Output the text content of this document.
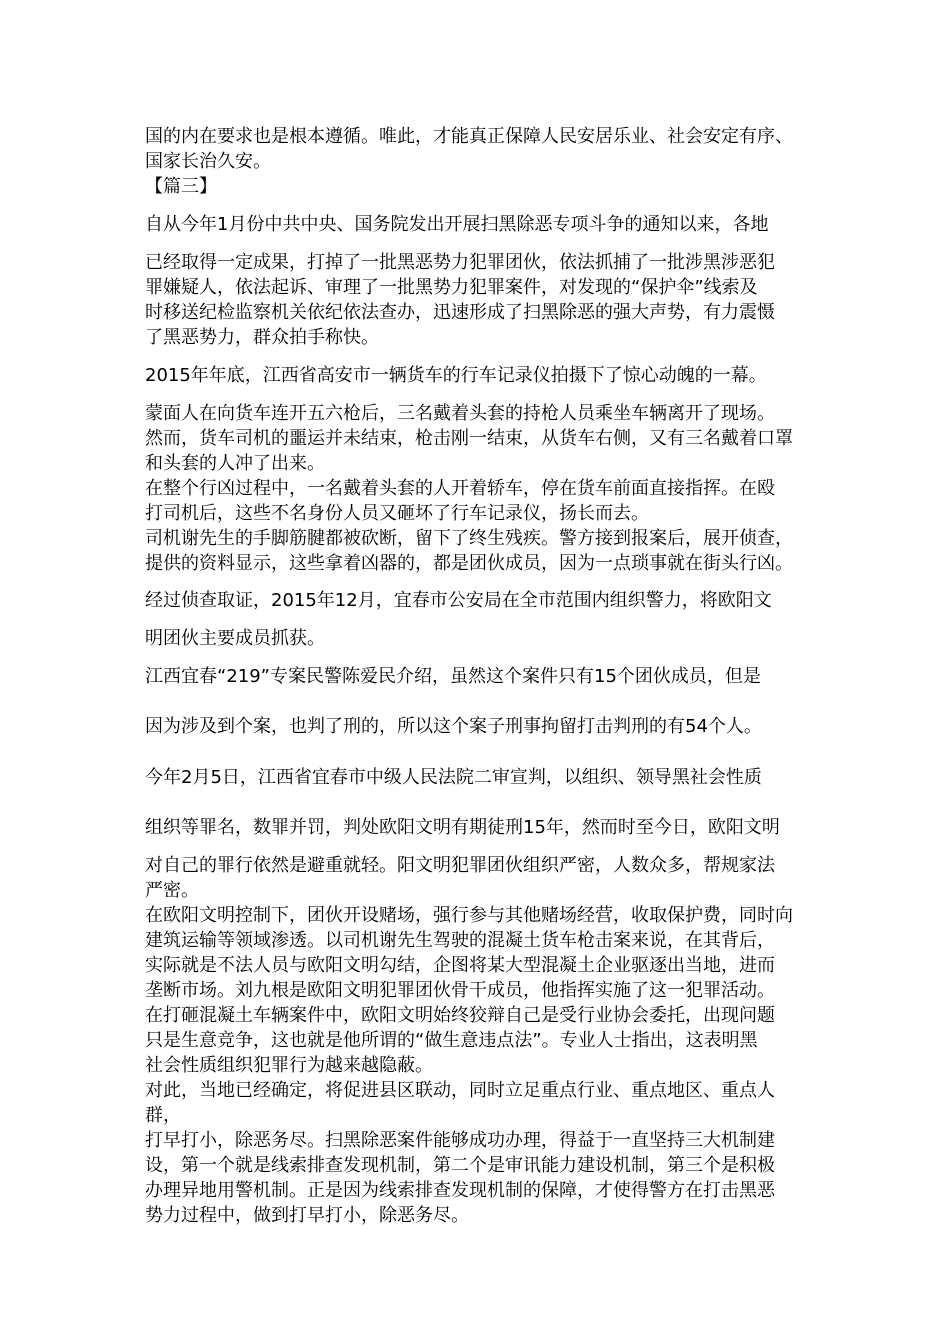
国的内在要求也是根本遵循。唯此，才能真正保障人民安居乐业、社会安定有序、
国家长治久安。

【篇三】

自从今年1月份中共中央、国务院发出开展扫黑除恶专项斗争的通知以来，各地

已经取得一定成果，打掉了一批黑恶势力犯罪团伙，依法抓捕了一批涉黑涉恶犯
罪嫌疑人，依法起诉、审理了一批黑势力犯罪案件，对发现的“保护伞”线索及
时移送纪检监察机关依纪依法查办，迅速形成了扫黑除恶的强大声势，有力震慑
了黑恶势力，群众拍手称快。

2015年年底，江西省高安市一辆货车的行车记录仪拍摄下了惊心动魄的一幕。

蒙面人在向货车连开五六枪后，三名戴着头套的持枪人员乘坐车辆离开了现场。
然而，货车司机的噩运并未结束，枪击刚一结束，从货车右侧，又有三名戴着口罩
和头套的人冲了出来。
在整个行凶过程中，一名戴着头套的人开着轿车，停在货车前面直接指挥。在殴
打司机后，这些不名身份人员又砸坏了行车记录仪，扬长而去。
司机谢先生的手脚筋腱都被砍断，留下了终生残疾。警方接到报案后，展开侦查，
提供的资料显示，这些拿着凶器的，都是团伙成员，因为一点琐事就在街头行凶。

经过侦查取证，2015年12月，宜春市公安局在全市范围内组织警力，将欧阳文

明团伙主要成员抓获。

江西宜春“219”专案民警陈爱民介绍，虽然这个案件只有15个团伙成员，但是

因为涉及到个案，也判了刑的，所以这个案子刑事拘留打击判刑的有54个人。

今年2月5日，江西省宜春市中级人民法院二审宣判，以组织、领导黑社会性质

组织等罪名，数罪并罚，判处欧阳文明有期徒刑15年，然而时至今日，欧阳文明

对自己的罪行依然是避重就轻。阳文明犯罪团伙组织严密，人数众多，帮规家法
严密。
在欧阳文明控制下，团伙开设赌场，强行参与其他赌场经营，收取保护费，同时向
建筑运输等领域渗透。以司机谢先生驾驶的混凝土货车枪击案来说，在其背后，
实际就是不法人员与欧阳文明勾结，企图将某大型混凝土企业驱逐出当地，进而
垄断市场。刘九根是欧阳文明犯罪团伙骨干成员，他指挥实施了这一犯罪活动。
在打砸混凝土车辆案件中，欧阳文明始终狡辩自己是受行业协会委托，出现问题
只是生意竞争，这也就是他所谓的“做生意违点法”。专业人士指出，这表明黑
社会性质组织犯罪行为越来越隐蔽。
对此，当地已经确定，将促进县区联动，同时立足重点行业、重点地区、重点人群，
打早打小，除恶务尽。扫黑除恶案件能够成功办理，得益于一直坚持三大机制建
设，第一个就是线索排查发现机制，第二个是审讯能力建设机制，第三个是积极
办理异地用警机制。正是因为线索排查发现机制的保障，才使得警方在打击黑恶
势力过程中，做到打早打小，除恶务尽。
